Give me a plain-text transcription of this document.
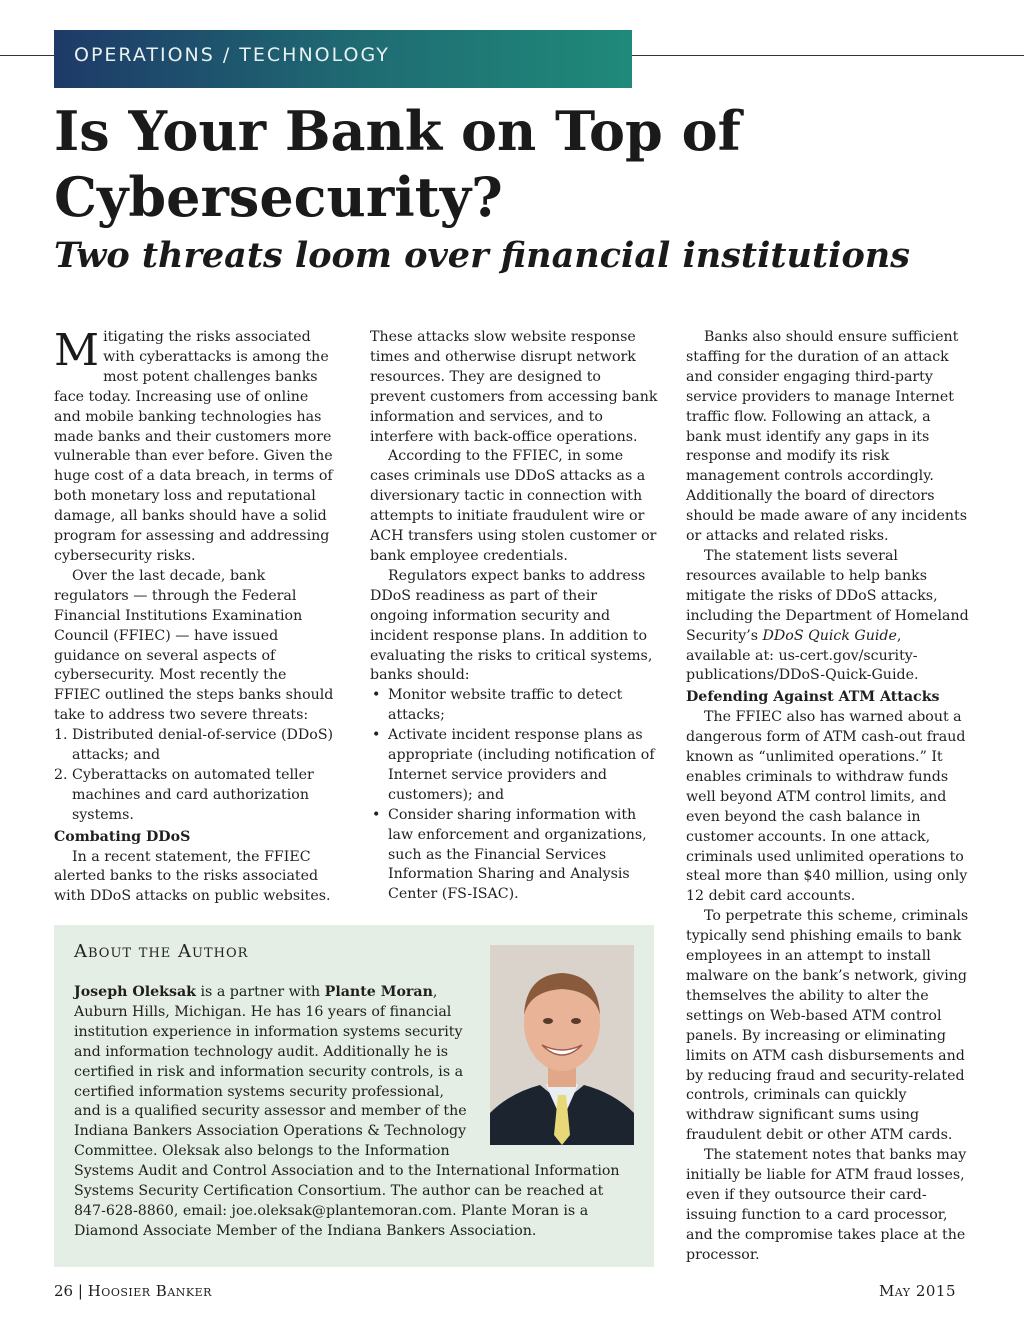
OPERATIONS / TECHNOLOGY
Is Your Bank on Top of Cybersecurity?
Two threats loom over financial institutions

Mitigating the risks associated with cyberattacks is among the most potent challenges banks face today. Increasing use of online and mobile banking technologies has made banks and their customers more vulnerable than ever before. Given the huge cost of a data breach, in terms of both monetary loss and reputational damage, all banks should have a solid program for assessing and addressing cybersecurity risks.

Over the last decade, bank regulators — through the Federal Financial Institutions Examination Council (FFIEC) — have issued guidance on several aspects of cybersecurity. Most recently the FFIEC outlined the steps banks should take to address two severe threats:

1. Distributed denial-of-service (DDoS) attacks; and
2. Cyberattacks on automated teller machines and card authorization systems.
Combating DDoS

In a recent statement, the FFIEC alerted banks to the risks associated with DDoS attacks on public websites.

These attacks slow website response times and otherwise disrupt network resources. They are designed to prevent customers from accessing bank information and services, and to interfere with back-office operations.

According to the FFIEC, in some cases criminals use DDoS attacks as a diversionary tactic in connection with attempts to initiate fraudulent wire or ACH transfers using stolen customer or bank employee credentials.

Regulators expect banks to address DDoS readiness as part of their ongoing information security and incident response plans. In addition to evaluating the risks to critical systems, banks should:

• Monitor website traffic to detect attacks;
• Activate incident response plans as appropriate (including notification of Internet service providers and customers); and
• Consider sharing information with law enforcement and organizations, such as the Financial Services Information Sharing and Analysis Center (FS-ISAC).

Banks also should ensure sufficient staffing for the duration of an attack and consider engaging third-party service providers to manage Internet traffic flow. Following an attack, a bank must identify any gaps in its response and modify its risk management controls accordingly. Additionally the board of directors should be made aware of any incidents or attacks and related risks.

The statement lists several resources available to help banks mitigate the risks of DDoS attacks, including the Department of Homeland Security’s DDoS Quick Guide, available at: us-cert.gov/scurity-publications/DDoS-Quick-Guide.

Defending Against ATM Attacks

The FFIEC also has warned about a dangerous form of ATM cash-out fraud known as “unlimited operations.” It enables criminals to withdraw funds well beyond ATM control limits, and even beyond the cash balance in customer accounts. In one attack, criminals used unlimited operations to steal more than $40 million, using only 12 debit card accounts.

To perpetrate this scheme, criminals typically send phishing emails to bank employees in an attempt to install malware on the bank’s network, giving themselves the ability to alter the settings on Web-based ATM control panels. By increasing or eliminating limits on ATM cash disbursements and by reducing fraud and security-related controls, criminals can quickly withdraw significant sums using fraudulent debit or other ATM cards.

The statement notes that banks may initially be liable for ATM fraud losses, even if they outsource their card-issuing function to a card processor, and the compromise takes place at the processor.

About the Author

Joseph Oleksak is a partner with Plante Moran, Auburn Hills, Michigan. He has 16 years of financial institution experience in information systems security and information technology audit. Additionally he is certified in risk and information security controls, is a certified information systems security professional, and is a qualified security assessor and member of the Indiana Bankers Association Operations & Technology Committee. Oleksak also belongs to the Information Systems Audit and Control Association and to the International Information Systems Security Certification Consortium. The author can be reached at 847-628-8860, email: joe.oleksak@plantemoran.com. Plante Moran is a Diamond Associate Member of the Indiana Bankers Association.

26 | Hoosier Banker	May 2015
